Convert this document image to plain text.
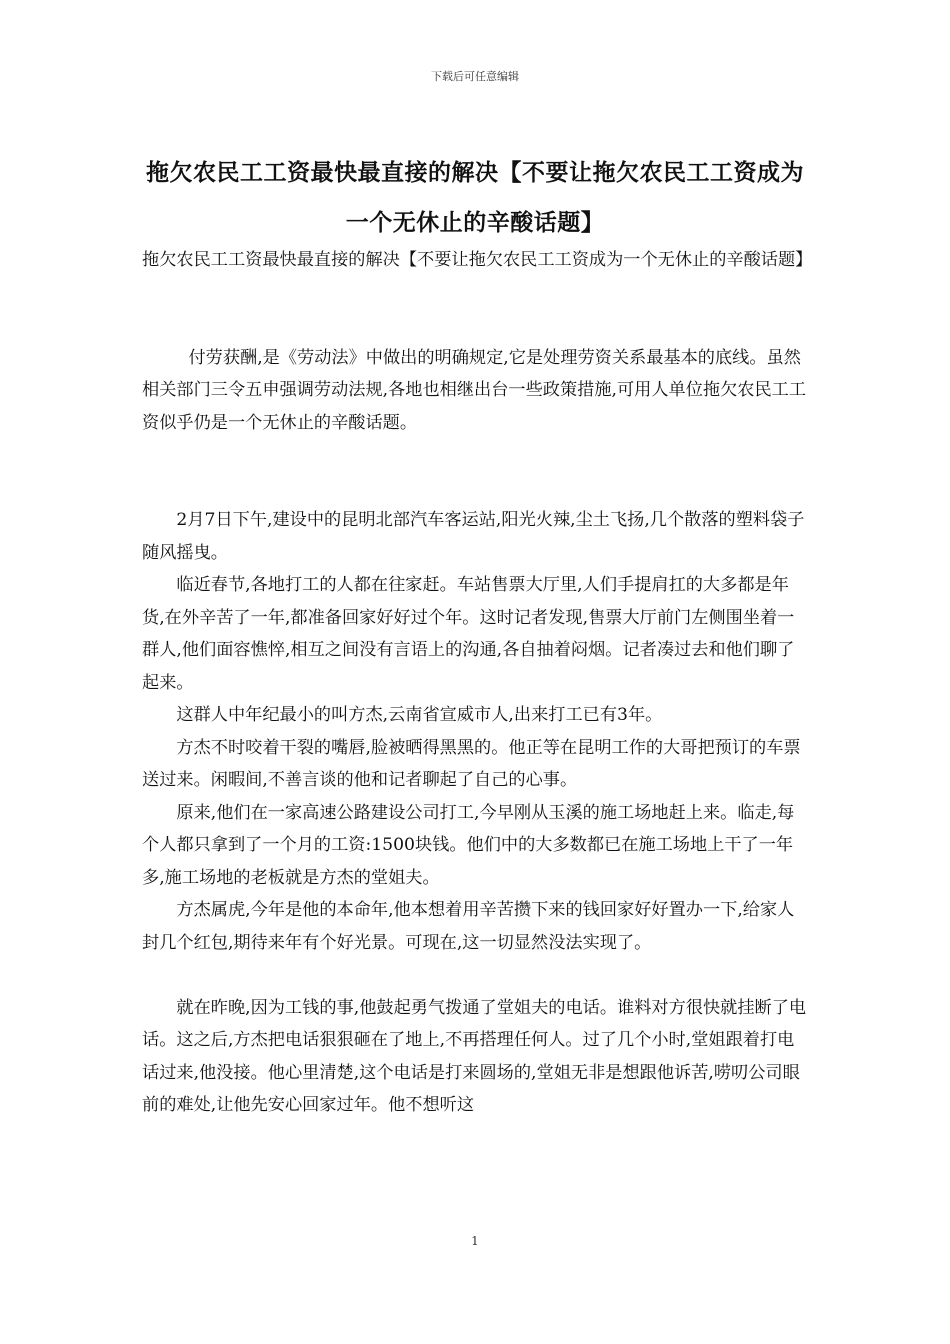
下载后可任意编辑
拖欠农民工工资最快最直接的解决【不要让拖欠农民工工资成为一个无休止的辛酸话题】

拖欠农民工工资最快最直接的解决【不要让拖欠农民工工资成为一个无休止的辛酸话题】

付劳获酬,是《劳动法》中做出的明确规定,它是处理劳资关系最基本的底线。虽然相关部门三令五申强调劳动法规,各地也相继出台一些政策措施,可用人单位拖欠农民工工资似乎仍是一个无休止的辛酸话题。

2月7日下午,建设中的昆明北部汽车客运站,阳光火辣,尘土飞扬,几个散落的塑料袋子随风摇曳。

临近春节,各地打工的人都在往家赶。车站售票大厅里,人们手提肩扛的大多都是年货,在外辛苦了一年,都准备回家好好过个年。这时记者发现,售票大厅前门左侧围坐着一群人,他们面容憔悴,相互之间没有言语上的沟通,各自抽着闷烟。记者凑过去和他们聊了起来。

这群人中年纪最小的叫方杰,云南省宣威市人,出来打工已有3年。

方杰不时咬着干裂的嘴唇,脸被晒得黑黑的。他正等在昆明工作的大哥把预订的车票送过来。闲暇间,不善言谈的他和记者聊起了自己的心事。

原来,他们在一家高速公路建设公司打工,今早刚从玉溪的施工场地赶上来。临走,每个人都只拿到了一个月的工资:1500块钱。他们中的大多数都已在施工场地上干了一年多,施工场地的老板就是方杰的堂姐夫。

方杰属虎,今年是他的本命年,他本想着用辛苦攒下来的钱回家好好置办一下,给家人封几个红包,期待来年有个好光景。可现在,这一切显然没法实现了。

就在昨晚,因为工钱的事,他鼓起勇气拨通了堂姐夫的电话。谁料对方很快就挂断了电话。这之后,方杰把电话狠狠砸在了地上,不再搭理任何人。过了几个小时,堂姐跟着打电话过来,他没接。他心里清楚,这个电话是打来圆场的,堂姐无非是想跟他诉苦,唠叨公司眼前的难处,让他先安心回家过年。他不想听这

1
